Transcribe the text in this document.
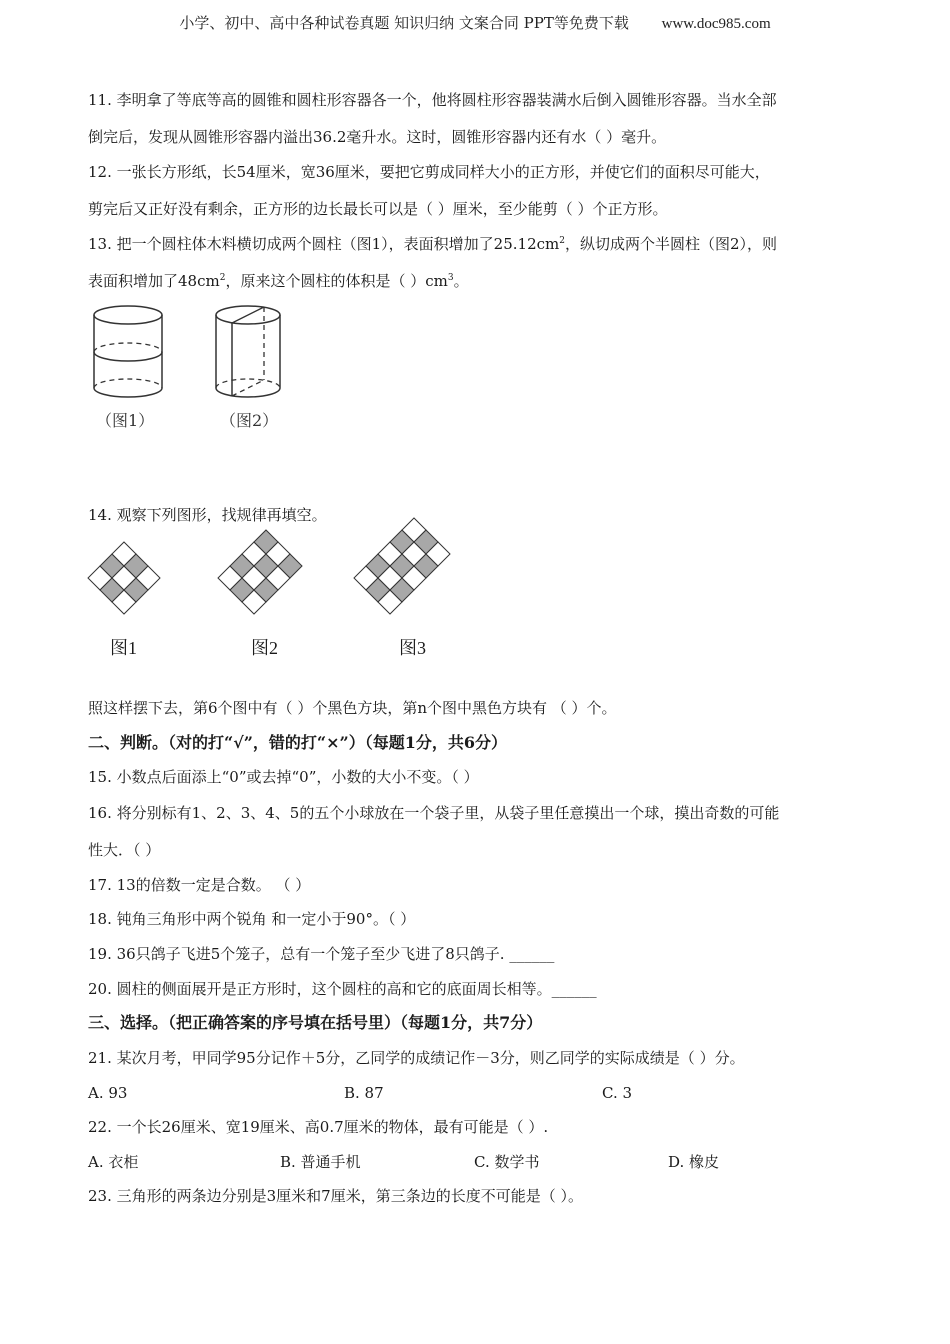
小学、初中、高中各种试卷真题 知识归纳 文案合同 PPT等免费下载 www.doc985.com
11. 李明拿了等底等高的圆锥和圆柱形容器各一个，他将圆柱形容器装满水后倒入圆锥形容器。当水全部
倒完后，发现从圆锥形容器内溢出36.2毫升水。这时，圆锥形容器内还有水（ ）毫升。
12. 一张长方形纸，长54厘米，宽36厘米，要把它剪成同样大小的正方形，并使它们的面积尽可能大，
剪完后又正好没有剩余，正方形的边长最长可以是（ ）厘米，至少能剪（ ）个正方形。
13. 把一个圆柱体木料横切成两个圆柱（图1），表面积增加了$25.12cm^2$，纵切成两个半圆柱（图2），则
表面积增加了$48cm^2$，原来这个圆柱的体积是（ ）$cm^3$。
（图1）	（图2）
14. 观察下列图形，找规律再填空。
图1	图2	图3
照这样摆下去，第6个图中有（ ）个黑色方块，第n个图中黑色方块有 （ ）个。
二、判断。（对的打“√”，错的打“×”）（每题1分，共6分）
15. 小数点后面添上“0”或去掉“0”，小数的大小不变。（ ）
16. 将分别标有1、2、3、4、5的五个小球放在一个袋子里，从袋子里任意摸出一个球，摸出奇数的可能
性大．（ ）
17. 13的倍数一定是合数。 （ ）
18. 钝角三角形中两个锐角 和一定小于90°。（ ）
19. 36只鸽子飞进5个笼子，总有一个笼子至少飞进了8只鸽子. ______
20. 圆柱的侧面展开是正方形时，这个圆柱的高和它的底面周长相等。______
三、选择。（把正确答案的序号填在括号里）（每题1分，共7分）
21. 某次月考，甲同学95分记作＋5分，乙同学的成绩记作－3分，则乙同学的实际成绩是（ ）分。
A. 93	B. 87	C. 3
22. 一个长26厘米、宽19厘米、高0.7厘米的物体，最有可能是（ ）.
A. 衣柜	B. 普通手机	C. 数学书	D. 橡皮
23. 三角形的两条边分别是3厘米和7厘米，第三条边的长度不可能是（ ）。
